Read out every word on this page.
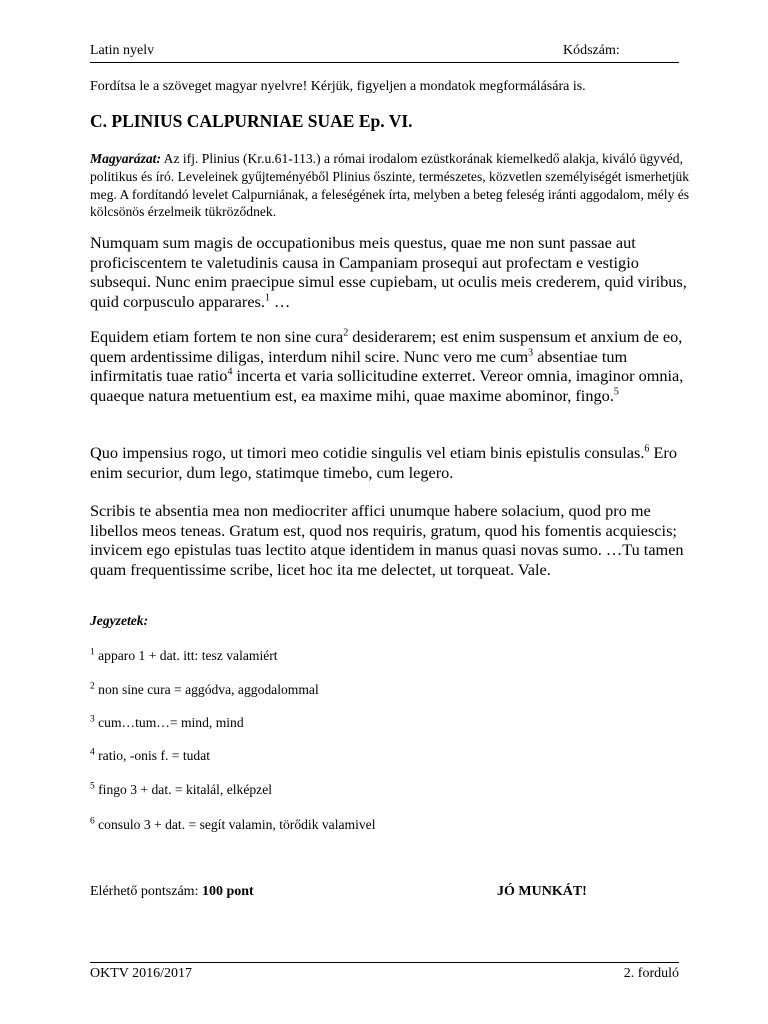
Latin nyelv	Kódszám:
Fordítsa le a szöveget magyar nyelvre! Kérjük, figyeljen a mondatok megformálására is.
C. PLINIUS CALPURNIAE SUAE Ep. VI.
Magyarázat: Az ifj. Plinius (Kr.u.61-113.) a római irodalom ezüstkorának kiemelkedő alakja, kiváló ügyvéd, politikus és író. Leveleinek gyűjteményéből Plinius őszinte, természetes, közvetlen személyiségét ismerhetjük meg. A fordítandó levelet Calpurniának, a feleségének írta, melyben a beteg feleség iránti aggodalom, mély és kölcsönös érzelmeik tükröződnek.
Numquam sum magis de occupationibus meis questus, quae me non sunt passae aut proficiscentem te valetudinis causa in Campaniam prosequi aut profectam e vestigio subsequi. Nunc enim praecipue simul esse cupiebam, ut oculis meis crederem, quid viribus, quid corpusculo apparares.$^1$ …
Equidem etiam fortem te non sine cura$^2$ desiderarem; est enim suspensum et anxium de eo, quem ardentissime diligas, interdum nihil scire. Nunc vero me cum$^3$ absentiae tum infirmitatis tuae ratio$^4$ incerta et varia sollicitudine exterret. Vereor omnia, imaginor omnia, quaeque natura metuentium est, ea maxime mihi, quae maxime abominor, fingo.$^5$
Quo impensius rogo, ut timori meo cotidie singulis vel etiam binis epistulis consulas.$^6$ Ero enim securior, dum lego, statimque timebo, cum legero.
Scribis te absentia mea non mediocriter affici unumque habere solacium, quod pro me libellos meos teneas. Gratum est, quod nos requiris, gratum, quod his fomentis acquiescis; invicem ego epistulas tuas lectito atque identidem in manus quasi novas sumo. …Tu tamen quam frequentissime scribe, licet hoc ita me delectet, ut torqueat. Vale.
Jegyzetek:
$^1$ apparo 1 + dat. itt: tesz valamiért
$^2$ non sine cura = aggódva, aggodalommal
$^3$ cum…tum…= mind, mind
$^4$ ratio, -onis f. = tudat
$^5$ fingo 3 + dat. = kitalál, elképzel
$^6$ consulo 3 + dat. = segít valamin, törődik valamivel
Elérhető pontszám: 100 pont	JÓ MUNKÁT!
OKTV 2016/2017	2. forduló
